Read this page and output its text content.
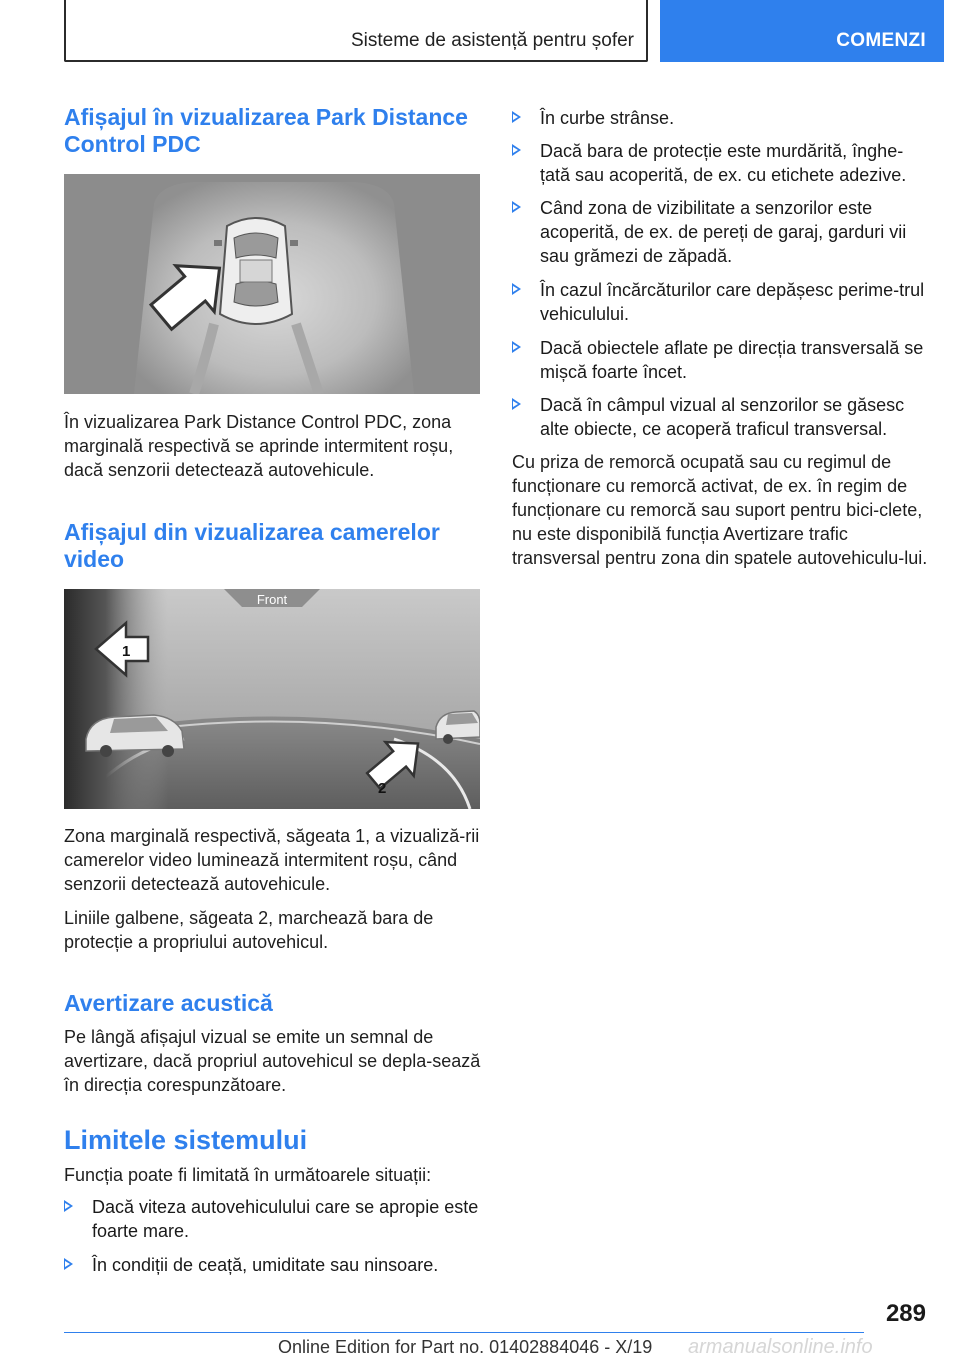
Sisteme de asistență pentru șofer	COMENZI
Afișajul în vizualizarea Park Distance Control PDC

În vizualizarea Park Distance Control PDC, zona marginală respectivă se aprinde intermitent roșu, dacă senzorii detectează autovehicule.

Afișajul din vizualizarea camerelor video
Front
1
2

Zona marginală respectivă, săgeata 1, a vizualiză-rii camerelor video luminează intermitent roșu, când senzorii detectează autovehicule.

Liniile galbene, săgeata 2, marchează bara de protecție a propriului autovehicul.

Avertizare acustică

Pe lângă afișajul vizual se emite un semnal de avertizare, dacă propriul autovehicul se depla-sează în direcția corespunzătoare.

Limitele sistemului

Funcția poate fi limitată în următoarele situații:

Dacă viteza autovehiculului care se apropie este foarte mare.
În condiții de ceață, umiditate sau ninsoare.
În curbe strânse.
Dacă bara de protecție este murdărită, înghe-țată sau acoperită, de ex. cu etichete adezive.
Când zona de vizibilitate a senzorilor este acoperită, de ex. de pereți de garaj, garduri vii sau grămezi de zăpadă.
În cazul încărcăturilor care depășesc perime-trul vehiculului.
Dacă obiectele aflate pe direcția transversală se mișcă foarte încet.
Dacă în câmpul vizual al senzorilor se găsesc alte obiecte, ce acoperă traficul transversal.

Cu priza de remorcă ocupată sau cu regimul de funcționare cu remorcă activat, de ex. în regim de funcționare cu remorcă sau suport pentru bici-clete, nu este disponibilă funcția Avertizare trafic transversal pentru zona din spatele autovehiculu-lui.

289
Online Edition for Part no. 01402884046 - X/19 armanualsonline.info
